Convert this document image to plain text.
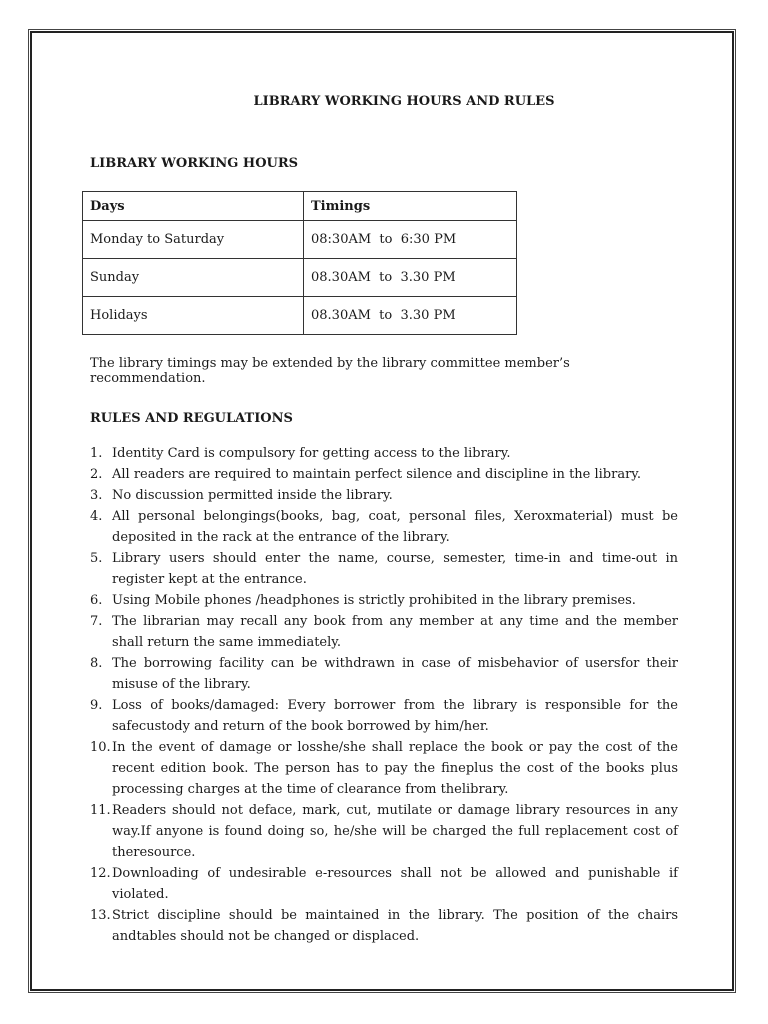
LIBRARY WORKING HOURS AND RULES
LIBRARY WORKING HOURS
Days	Timings
Monday to Saturday	08:30AM  to  6:30 PM
Sunday	08.30AM  to  3.30 PM
Holidays	08.30AM  to  3.30 PM

The library timings may be extended by the library committee member’s recommendation.

RULES AND REGULATIONS
1. Identity Card is compulsory for getting access to the library.
2. All readers are required to maintain perfect silence and discipline in the library.
3. No discussion permitted inside the library.
4. All personal belongings(books, bag, coat, personal files, Xeroxmaterial) must be deposited in the rack at the entrance of the library.
5. Library users should enter the name, course, semester, time-in and time-out in register kept at the entrance.
6. Using Mobile phones /headphones is strictly prohibited in the library premises.
7. The librarian may recall any book from any member at any time and the member shall return the same immediately.
8. The borrowing facility can be withdrawn in case of misbehavior of usersfor their misuse of the library.
9. Loss of books/damaged: Every borrower from the library is responsible for the safecustody and return of the book borrowed by him/her.
10. In the event of damage or losshe/she shall replace the book or pay the cost of the recent edition book. The person has to pay the fineplus the cost of the books plus processing charges at the time of clearance from thelibrary.
11. Readers should not deface, mark, cut, mutilate or damage library resources in any way.If anyone is found doing so, he/she will be charged the full replacement cost of theresource.
12. Downloading of undesirable e-resources shall not be allowed and punishable if violated.
13. Strict discipline should be maintained in the library. The position of the chairs andtables should not be changed or displaced.
